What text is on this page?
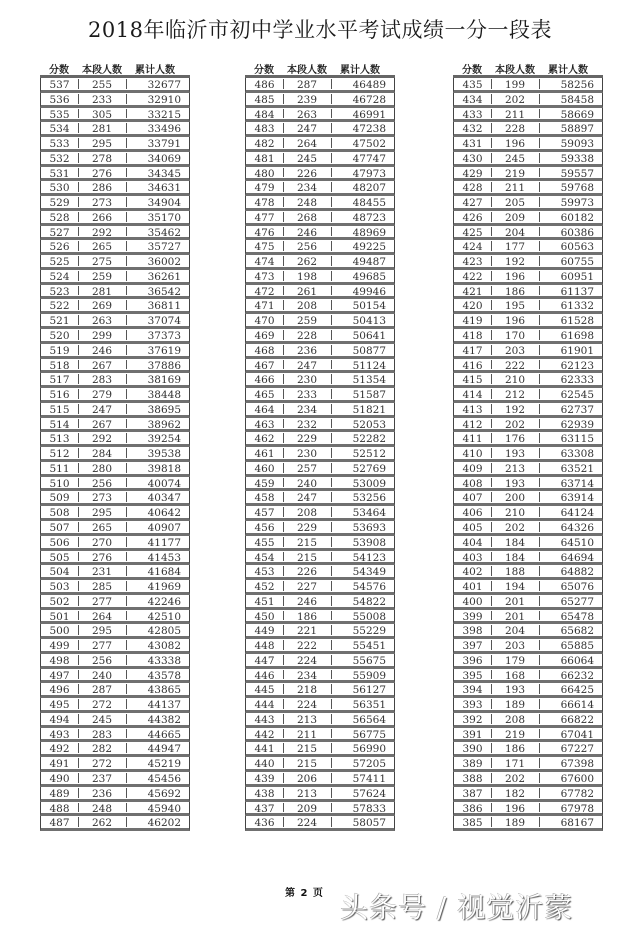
2018年临沂市初中学业水平考试成绩一分一段表
分数	本段人数	累计人数
537	255	32677
536	233	32910
535	305	33215
534	281	33496
533	295	33791
532	278	34069
531	276	34345
530	286	34631
529	273	34904
528	266	35170
527	292	35462
526	265	35727
525	275	36002
524	259	36261
523	281	36542
522	269	36811
521	263	37074
520	299	37373
519	246	37619
518	267	37886
517	283	38169
516	279	38448
515	247	38695
514	267	38962
513	292	39254
512	284	39538
511	280	39818
510	256	40074
509	273	40347
508	295	40642
507	265	40907
506	270	41177
505	276	41453
504	231	41684
503	285	41969
502	277	42246
501	264	42510
500	295	42805
499	277	43082
498	256	43338
497	240	43578
496	287	43865
495	272	44137
494	245	44382
493	283	44665
492	282	44947
491	272	45219
490	237	45456
489	236	45692
488	248	45940
487	262	46202
分数	本段人数	累计人数
486	287	46489
485	239	46728
484	263	46991
483	247	47238
482	264	47502
481	245	47747
480	226	47973
479	234	48207
478	248	48455
477	268	48723
476	246	48969
475	256	49225
474	262	49487
473	198	49685
472	261	49946
471	208	50154
470	259	50413
469	228	50641
468	236	50877
467	247	51124
466	230	51354
465	233	51587
464	234	51821
463	232	52053
462	229	52282
461	230	52512
460	257	52769
459	240	53009
458	247	53256
457	208	53464
456	229	53693
455	215	53908
454	215	54123
453	226	54349
452	227	54576
451	246	54822
450	186	55008
449	221	55229
448	222	55451
447	224	55675
446	234	55909
445	218	56127
444	224	56351
443	213	56564
442	211	56775
441	215	56990
440	215	57205
439	206	57411
438	213	57624
437	209	57833
436	224	58057
分数	本段人数	累计人数
435	199	58256
434	202	58458
433	211	58669
432	228	58897
431	196	59093
430	245	59338
429	219	59557
428	211	59768
427	205	59973
426	209	60182
425	204	60386
424	177	60563
423	192	60755
422	196	60951
421	186	61137
420	195	61332
419	196	61528
418	170	61698
417	203	61901
416	222	62123
415	210	62333
414	212	62545
413	192	62737
412	202	62939
411	176	63115
410	193	63308
409	213	63521
408	193	63714
407	200	63914
406	210	64124
405	202	64326
404	184	64510
403	184	64694
402	188	64882
401	194	65076
400	201	65277
399	201	65478
398	204	65682
397	203	65885
396	179	66064
395	168	66232
394	193	66425
393	189	66614
392	208	66822
391	219	67041
390	186	67227
389	171	67398
388	202	67600
387	182	67782
386	196	67978
385	189	68167
第 2 页 头条号 / 视觉沂蒙
